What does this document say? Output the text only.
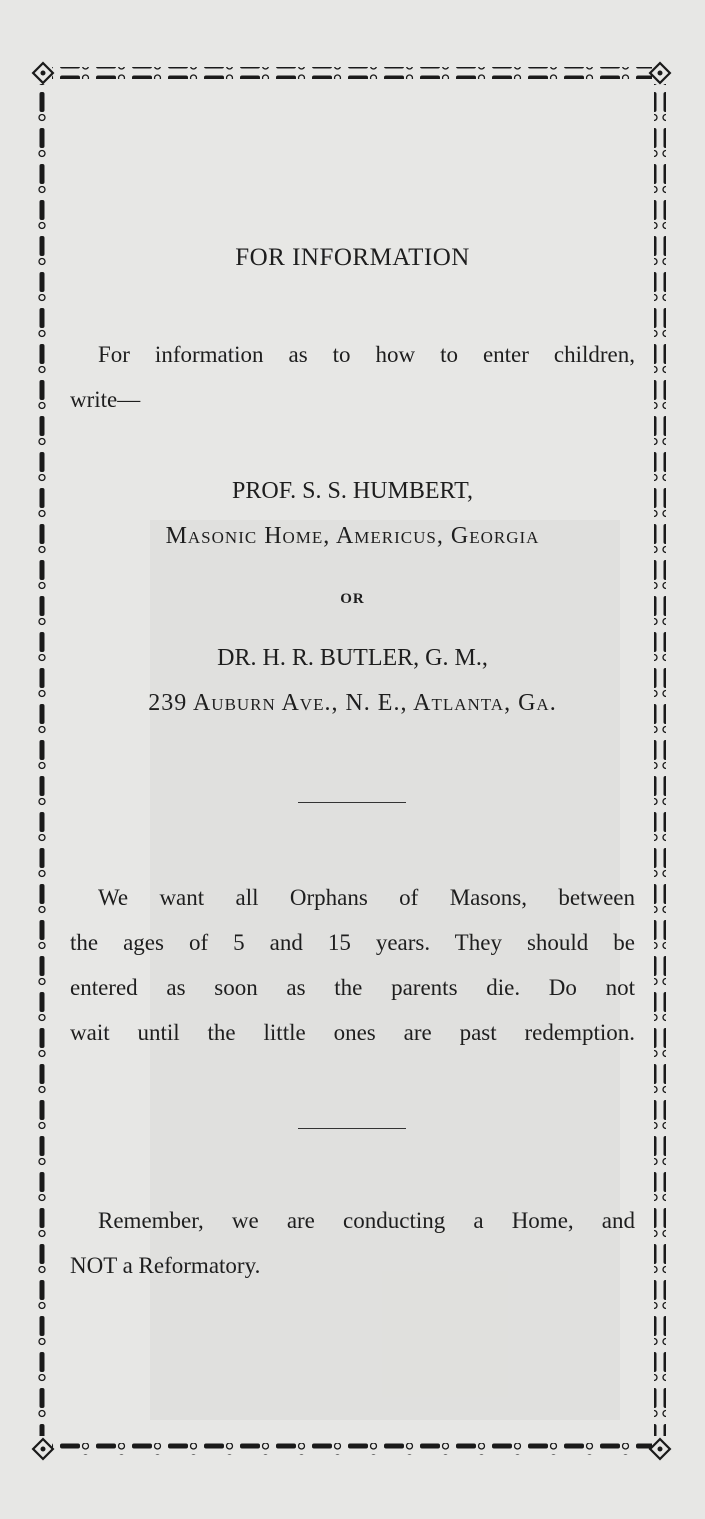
FOR INFORMATION
For information as to how to enter children,
write—
PROF. S. S. HUMBERT,
Masonic Home, Americus, Georgia
OR
DR. H. R. BUTLER, G. M.,
239 Auburn Ave., N. E., Atlanta, Ga.
We want all Orphans of Masons, between
the ages of 5 and 15 years. They should be
entered as soon as the parents die. Do not
wait until the little ones are past redemption.
Remember, we are conducting a Home, and
NOT a Reformatory.
